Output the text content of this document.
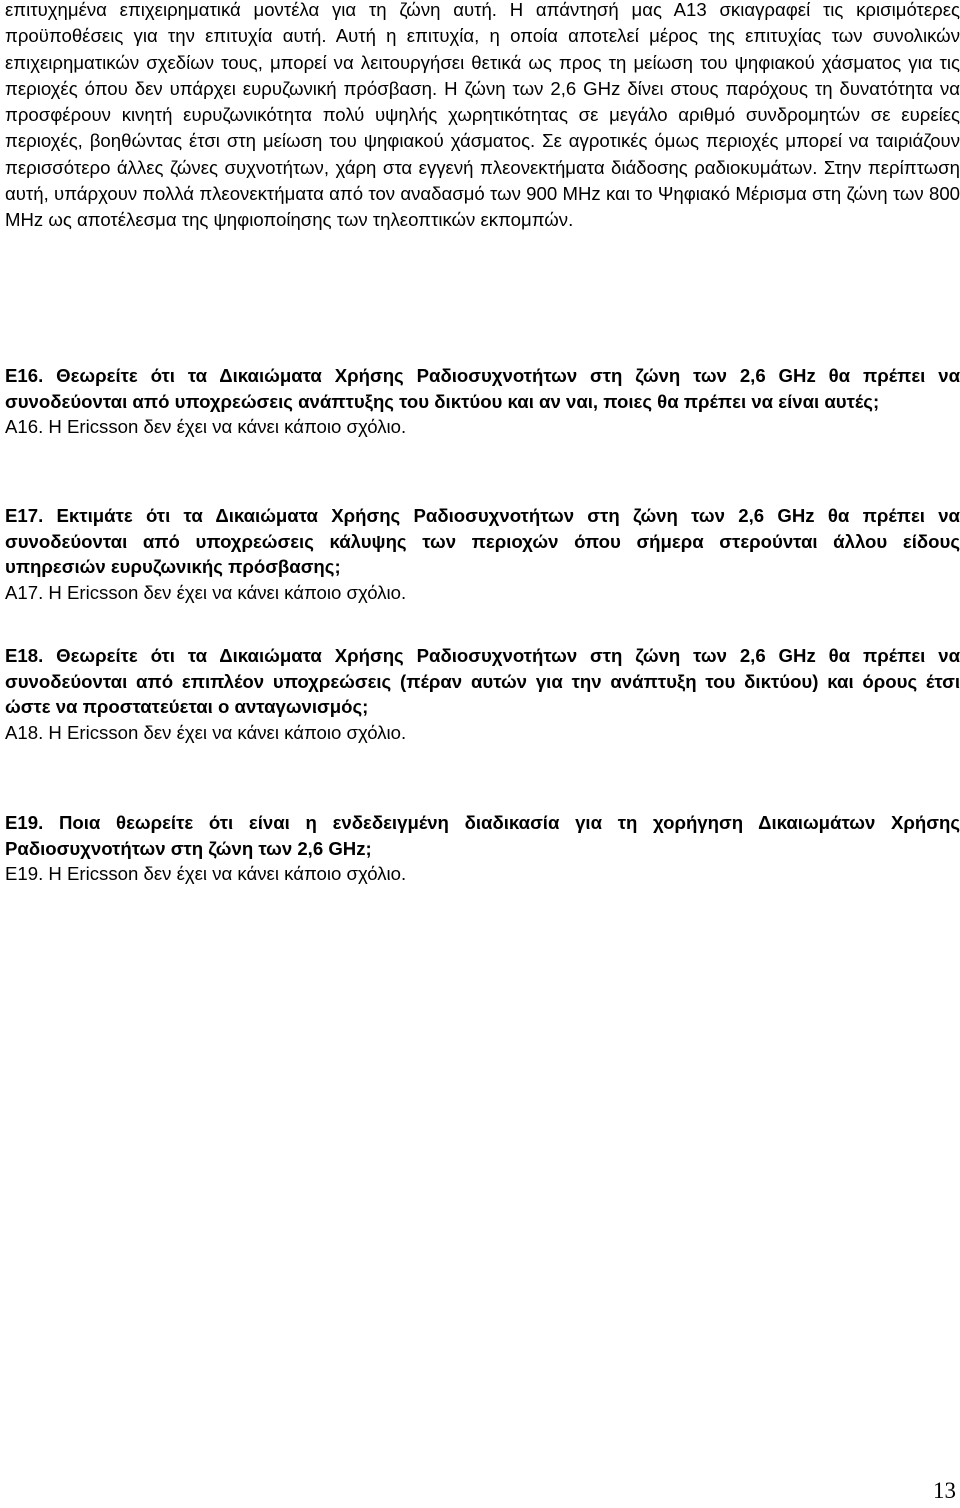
επιτυχημένα επιχειρηματικά μοντέλα για τη ζώνη αυτή. Η απάντησή μας Α13 σκιαγραφεί τις κρισιμότερες προϋποθέσεις για την επιτυχία αυτή. Αυτή η επιτυχία, η οποία αποτελεί μέρος της επιτυχίας των συνολικών επιχειρηματικών σχεδίων τους, μπορεί να λειτουργήσει θετικά ως προς τη μείωση του ψηφιακού χάσματος για τις περιοχές όπου δεν υπάρχει ευρυζωνική πρόσβαση. Η ζώνη των 2,6 GHz δίνει στους παρόχους τη δυνατότητα να προσφέρουν κινητή ευρυζωνικότητα πολύ υψηλής χωρητικότητας σε μεγάλο αριθμό συνδρομητών σε ευρείες περιοχές, βοηθώντας έτσι στη μείωση του ψηφιακού χάσματος. Σε αγροτικές όμως περιοχές μπορεί να ταιριάζουν περισσότερο άλλες ζώνες συχνοτήτων, χάρη στα εγγενή πλεονεκτήματα διάδοσης ραδιοκυμάτων. Στην περίπτωση αυτή, υπάρχουν πολλά πλεονεκτήματα από τον αναδασμό των 900 MHz και το Ψηφιακό Μέρισμα στη ζώνη των 800 MHz ως αποτέλεσμα της ψηφιοποίησης των τηλεοπτικών εκπομπών.

Ε16. Θεωρείτε ότι τα Δικαιώματα Χρήσης Ραδιοσυχνοτήτων στη ζώνη των 2,6 GHz θα πρέπει να συνοδεύονται από υποχρεώσεις ανάπτυξης του δικτύου και αν ναι, ποιες θα πρέπει να είναι αυτές;

Α16. Η Ericsson δεν έχει να κάνει κάποιο σχόλιο.

Ε17. Εκτιμάτε ότι τα Δικαιώματα Χρήσης Ραδιοσυχνοτήτων στη ζώνη των 2,6 GHz θα πρέπει να συνοδεύονται από υποχρεώσεις κάλυψης των περιοχών όπου σήμερα στερούνται άλλου είδους υπηρεσιών ευρυζωνικής πρόσβασης;

Α17. Η Ericsson δεν έχει να κάνει κάποιο σχόλιο.

Ε18. Θεωρείτε ότι τα Δικαιώματα Χρήσης Ραδιοσυχνοτήτων στη ζώνη των 2,6 GHz θα πρέπει να συνοδεύονται από επιπλέον υποχρεώσεις (πέραν αυτών για την ανάπτυξη του δικτύου) και όρους έτσι ώστε να προστατεύεται ο ανταγωνισμός;

Α18. Η Ericsson δεν έχει να κάνει κάποιο σχόλιο.

Ε19. Ποια θεωρείτε ότι είναι η ενδεδειγμένη διαδικασία για τη χορήγηση Δικαιωμάτων Χρήσης Ραδιοσυχνοτήτων στη ζώνη των 2,6 GHz;

Ε19. Η Ericsson δεν έχει να κάνει κάποιο σχόλιο.

13
